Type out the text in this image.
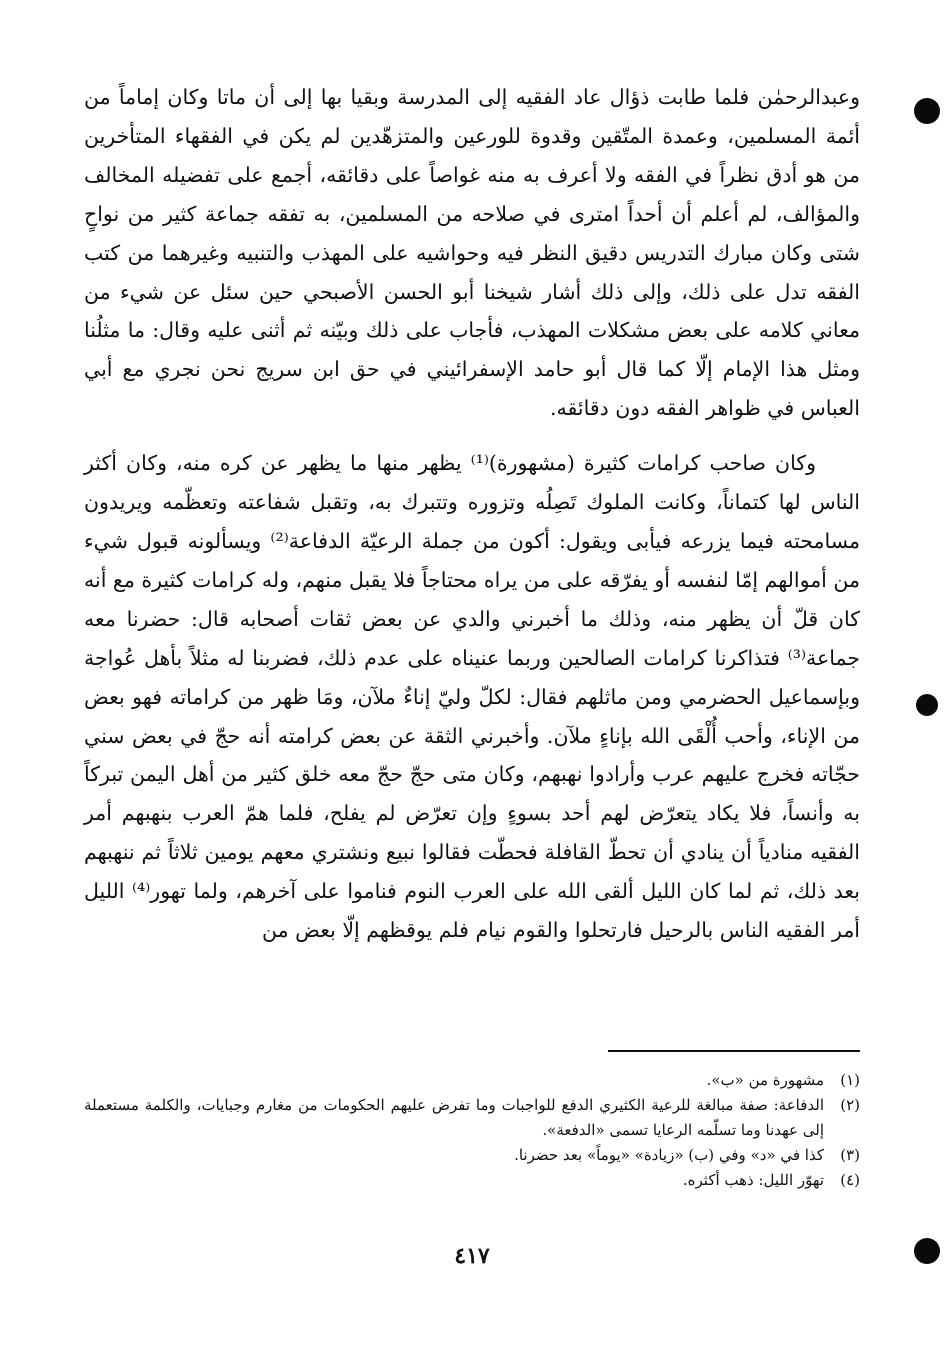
وعبدالرحمٰن فلما طابت ذؤال عاد الفقيه إلى المدرسة وبقيا بها إلى أن ماتا وكان إماماً من أئمة المسلمين، وعمدة المتّقين وقدوة للورعين والمتزهّدين لم يكن في الفقهاء المتأخرين من هو أدق نظراً في الفقه ولا أعرف به منه غواصاً على دقائقه، أجمع على تفضيله المخالف والمؤالف، لم أعلم أن أحداً امترى في صلاحه من المسلمين، به تفقه جماعة كثير من نواحٍ شتى وكان مبارك التدريس دقيق النظر فيه وحواشيه على المهذب والتنبيه وغيرهما من كتب الفقه تدل على ذلك، وإلى ذلك أشار شيخنا أبو الحسن الأصبحي حين سئل عن شيء من معاني كلامه على بعض مشكلات المهذب، فأجاب على ذلك وبيّنه ثم أثنى عليه وقال: ما مثلُنا ومثل هذا الإمام إلّا كما قال أبو حامد الإسفرائيني في حق ابن سريج نحن نجري مع أبي العباس في ظواهر الفقه دون دقائقه.

وكان صاحب كرامات كثيرة (مشهورة)⁽¹⁾ يظهر منها ما يظهر عن كره منه، وكان أكثر الناس لها كتماناً، وكانت الملوك تَصِلُه وتزوره وتتبرك به، وتقبل شفاعته وتعظّمه ويريدون مسامحته فيما يزرعه فيأبى ويقول: أكون من جملة الرعيّة الدفاعة⁽²⁾ ويسألونه قبول شيء من أموالهم إمّا لنفسه أو يفرّقه على من يراه محتاجاً فلا يقبل منهم، وله كرامات كثيرة مع أنه كان قلّ أن يظهر منه، وذلك ما أخبرني والدي عن بعض ثقات أصحابه قال: حضرنا معه جماعة⁽³⁾ فتذاكرنا كرامات الصالحين وربما عنيناه على عدم ذلك، فضربنا له مثلاً بأهل عُواجة وبإسماعيل الحضرمي ومن ماثلهم فقال: لكلّ وليّ إناءٌ ملآن، ومَا ظهر من كراماته فهو بعض من الإناء، وأحب أُلْقَى الله بإناءٍ ملآن. وأخبرني الثقة عن بعض كرامته أنه حجّ في بعض سني حجّاته فخرج عليهم عرب وأرادوا نهبهم، وكان متى حجّ حجّ معه خلق كثير من أهل اليمن تبركاً به وأنساً، فلا يكاد يتعرّض لهم أحد بسوءٍ وإن تعرّض لم يفلح، فلما همّ العرب بنهبهم أمر الفقيه منادياً أن ينادي أن تحطّ القافلة فحطّت فقالوا نبيع ونشتري معهم يومين ثلاثاً ثم ننهبهم بعد ذلك، ثم لما كان الليل ألقى الله على العرب النوم فناموا على آخرهم، ولما تهور⁽⁴⁾ الليل أمر الفقيه الناس بالرحيل فارتحلوا والقوم نيام فلم يوقظهم إلّا بعض من

(١)
مشهورة من «ب».

(٢)
الدفاعة: صفة مبالغة للرعية الكثيري الدفع للواجبات وما تفرض عليهم الحكومات من مغارم وجبايات، والكلمة مستعملة إلى عهدنا وما تسلّمه الرعايا تسمى «الدفعة».

(٣)
كذا في «د» وفي (ب) «زيادة» «يوماً» بعد حضرنا.

(٤)
تهوّر الليل: ذهب أكثره.

٤١٧
